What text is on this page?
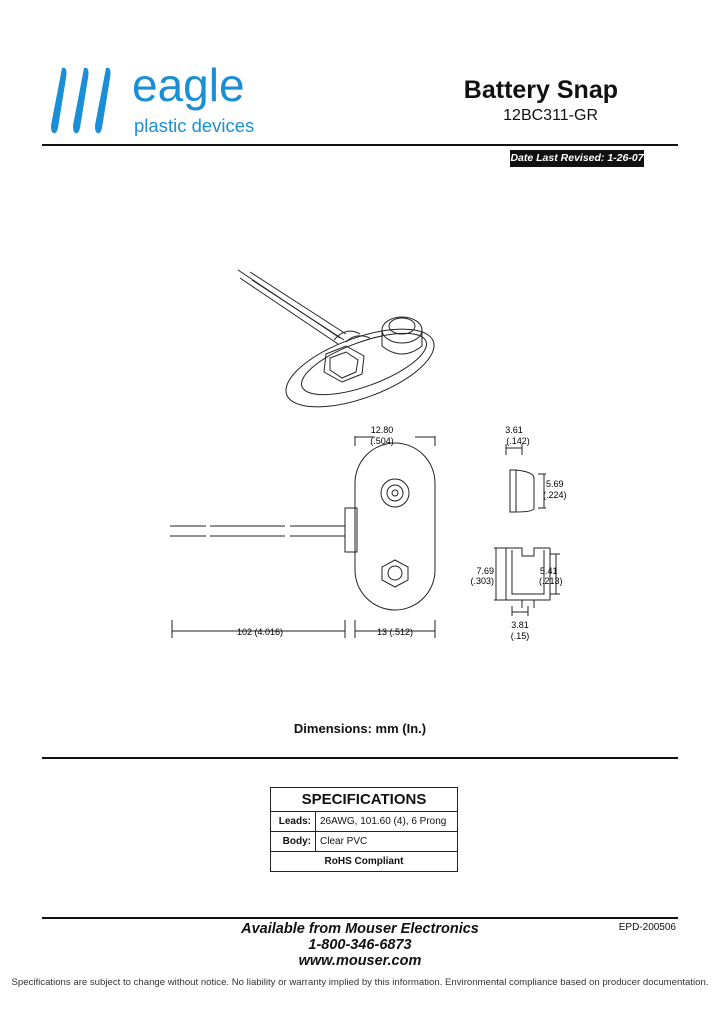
eagle
plastic devices
Battery Snap
12BC311-GR
Date Last Revised: 1-26-07
12.80
(.504)
102 (4.016)	13 (.512)
3.61
(.142)
5.69
(.224)
7.69
(.303)
5.41
(.213)
3.81
(.15)
Dimensions: mm (In.)
SPECIFICATIONS	
Leads:	26AWG, 101.60 (4), 6 Prong
Body:	Clear PVC
RoHS Compliant	
Available from Mouser Electronics
1-800-346-6873
www.mouser.com
EPD-200506
Specifications are subject to change without notice. No liability or warranty implied by this information. Environmental compliance based on producer documentation.
